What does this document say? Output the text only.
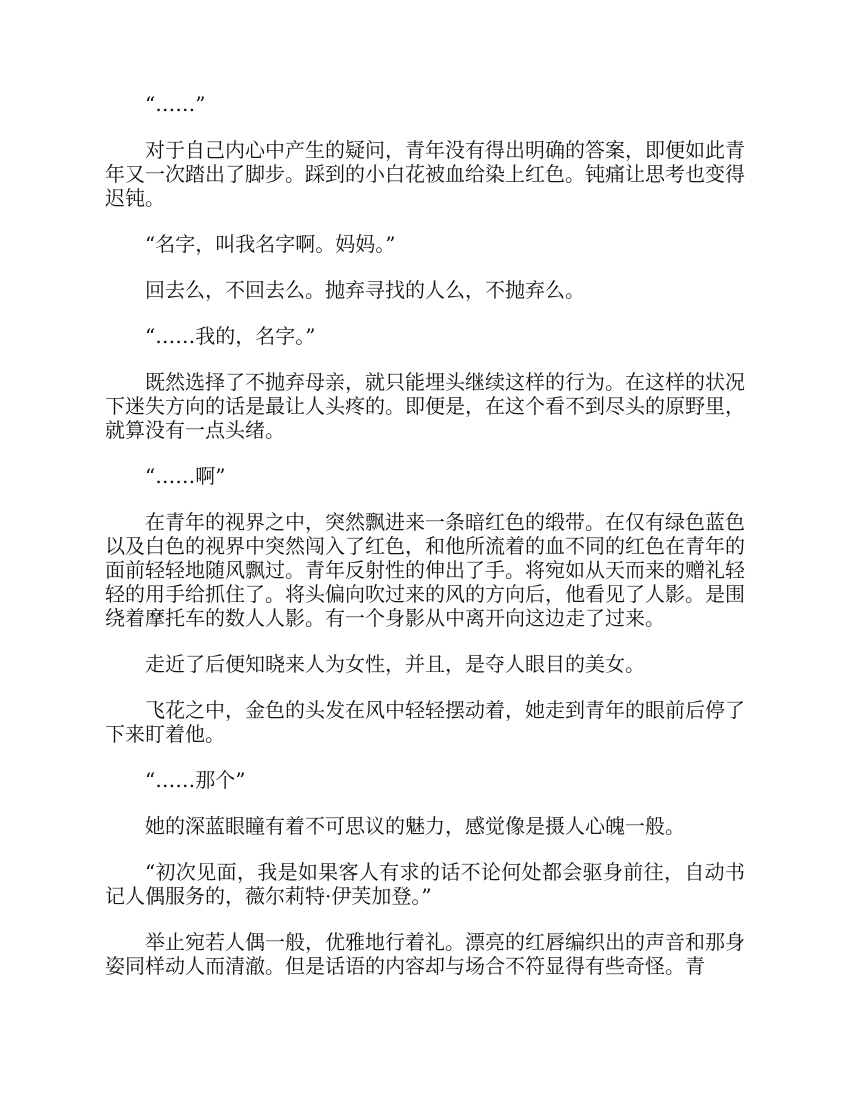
“……”

对于自己内心中产生的疑问，青年没有得出明确的答案，即便如此青年又一次踏出了脚步。踩到的小白花被血给染上红色。钝痛让思考也变得迟钝。

“名字，叫我名字啊。妈妈。”

回去么，不回去么。抛弃寻找的人么，不抛弃么。

“……我的，名字。”

既然选择了不抛弃母亲，就只能埋头继续这样的行为。在这样的状况下迷失方向的话是最让人头疼的。即便是，在这个看不到尽头的原野里，就算没有一点头绪。

“……啊”

在青年的视界之中，突然飘进来一条暗红色的缎带。在仅有绿色蓝色以及白色的视界中突然闯入了红色，和他所流着的血不同的红色在青年的面前轻轻地随风飘过。青年反射性的伸出了手。将宛如从天而来的赠礼轻轻的用手给抓住了。将头偏向吹过来的风的方向后，他看见了人影。是围绕着摩托车的数人人影。有一个身影从中离开向这边走了过来。

走近了后便知晓来人为女性，并且，是夺人眼目的美女。

飞花之中，金色的头发在风中轻轻摆动着，她走到青年的眼前后停了下来盯着他。

“……那个”

她的深蓝眼瞳有着不可思议的魅力，感觉像是摄人心魄一般。

“初次见面，我是如果客人有求的话不论何处都会驱身前往，自动书记人偶服务的，薇尔莉特·伊芙加登。”

举止宛若人偶一般，优雅地行着礼。漂亮的红唇编织出的声音和那身姿同样动人而清澈。但是话语的内容却与场合不符显得有些奇怪。青
